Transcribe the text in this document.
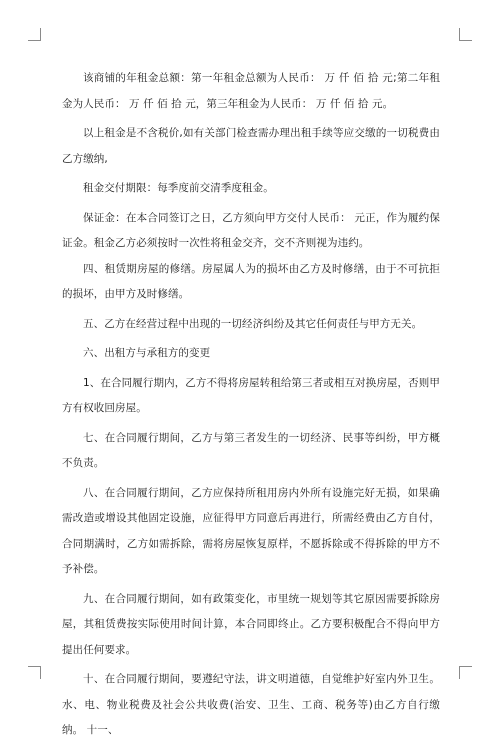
该商铺的年租金总额：第一年租金总额为人民币： 万 仟 佰 拾 元;第二年租金为人民币： 万 仟 佰 拾 元，第三年租金为人民币： 万 仟 佰 拾 元。

以上租金是不含税价,如有关部门检查需办理出租手续等应交缴的一切税费由乙方缴纳,

租金交付期限：每季度前交清季度租金。

保证金：在本合同签订之日，乙方须向甲方交付人民币： 元正，作为履约保证金。租金乙方必须按时一次性将租金交齐，交不齐则视为违约。

四、租赁期房屋的修缮。房屋属人为的损坏由乙方及时修缮，由于不可抗拒的损坏，由甲方及时修缮。

五、乙方在经营过程中出现的一切经济纠纷及其它任何责任与甲方无关。

六、出租方与承租方的变更

1、在合同履行期内，乙方不得将房屋转租给第三者或相互对换房屋，否则甲方有权收回房屋。

七、在合同履行期间，乙方与第三者发生的一切经济、民事等纠纷，甲方概不负责。

八、在合同履行期间，乙方应保持所租用房内外所有设施完好无损，如果确需改造或增设其他固定设施，应征得甲方同意后再进行，所需经费由乙方自付，合同期满时，乙方如需拆除，需将房屋恢复原样，不愿拆除或不得拆除的甲方不予补偿。

九、在合同履行期间，如有政策变化，市里统一规划等其它原因需要拆除房屋，其租赁费按实际使用时间计算，本合同即终止。乙方要积极配合不得向甲方提出任何要求。

十、在合同履行期间，要遵纪守法，讲文明道德，自觉维护好室内外卫生。水、电、物业税费及社会公共收费(治安、卫生、工商、税务等)由乙方自行缴纳。 十一、
